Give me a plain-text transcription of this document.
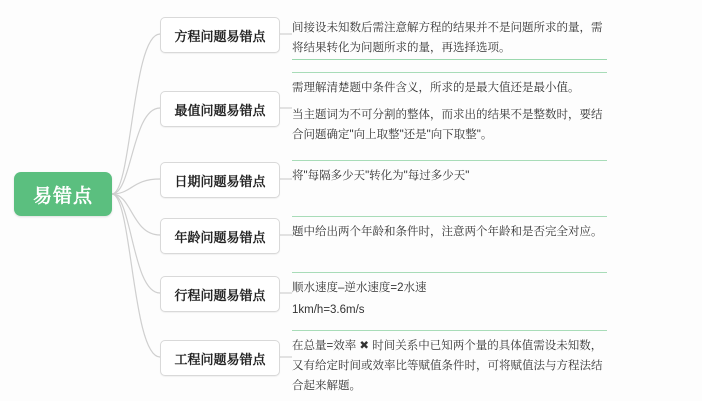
易错点
方程问题易错点
间接设未知数后需注意解方程的结果并不是问题所求的量，需将结果转化为问题所求的量，再选择选项。
最值问题易错点
需理解清楚题中条件含义，所求的是最大值还是最小值。
当主题词为不可分割的整体，而求出的结果不是整数时，要结合问题确定"向上取整"还是"向下取整"。
日期问题易错点 将"每隔多少天"转化为"每过多少天"
年龄问题易错点 题中给出两个年龄和条件时，注意两个年龄和是否完全对应。
行程问题易错点 顺水速度–逆水速度=2水速
1km/h=3.6m/s
工程问题易错点
在总量=效率 ✖ 时间关系中已知两个量的具体值需设未知数，又有给定时间或效率比等赋值条件时，可将赋值法与方程法结合起来解题。
